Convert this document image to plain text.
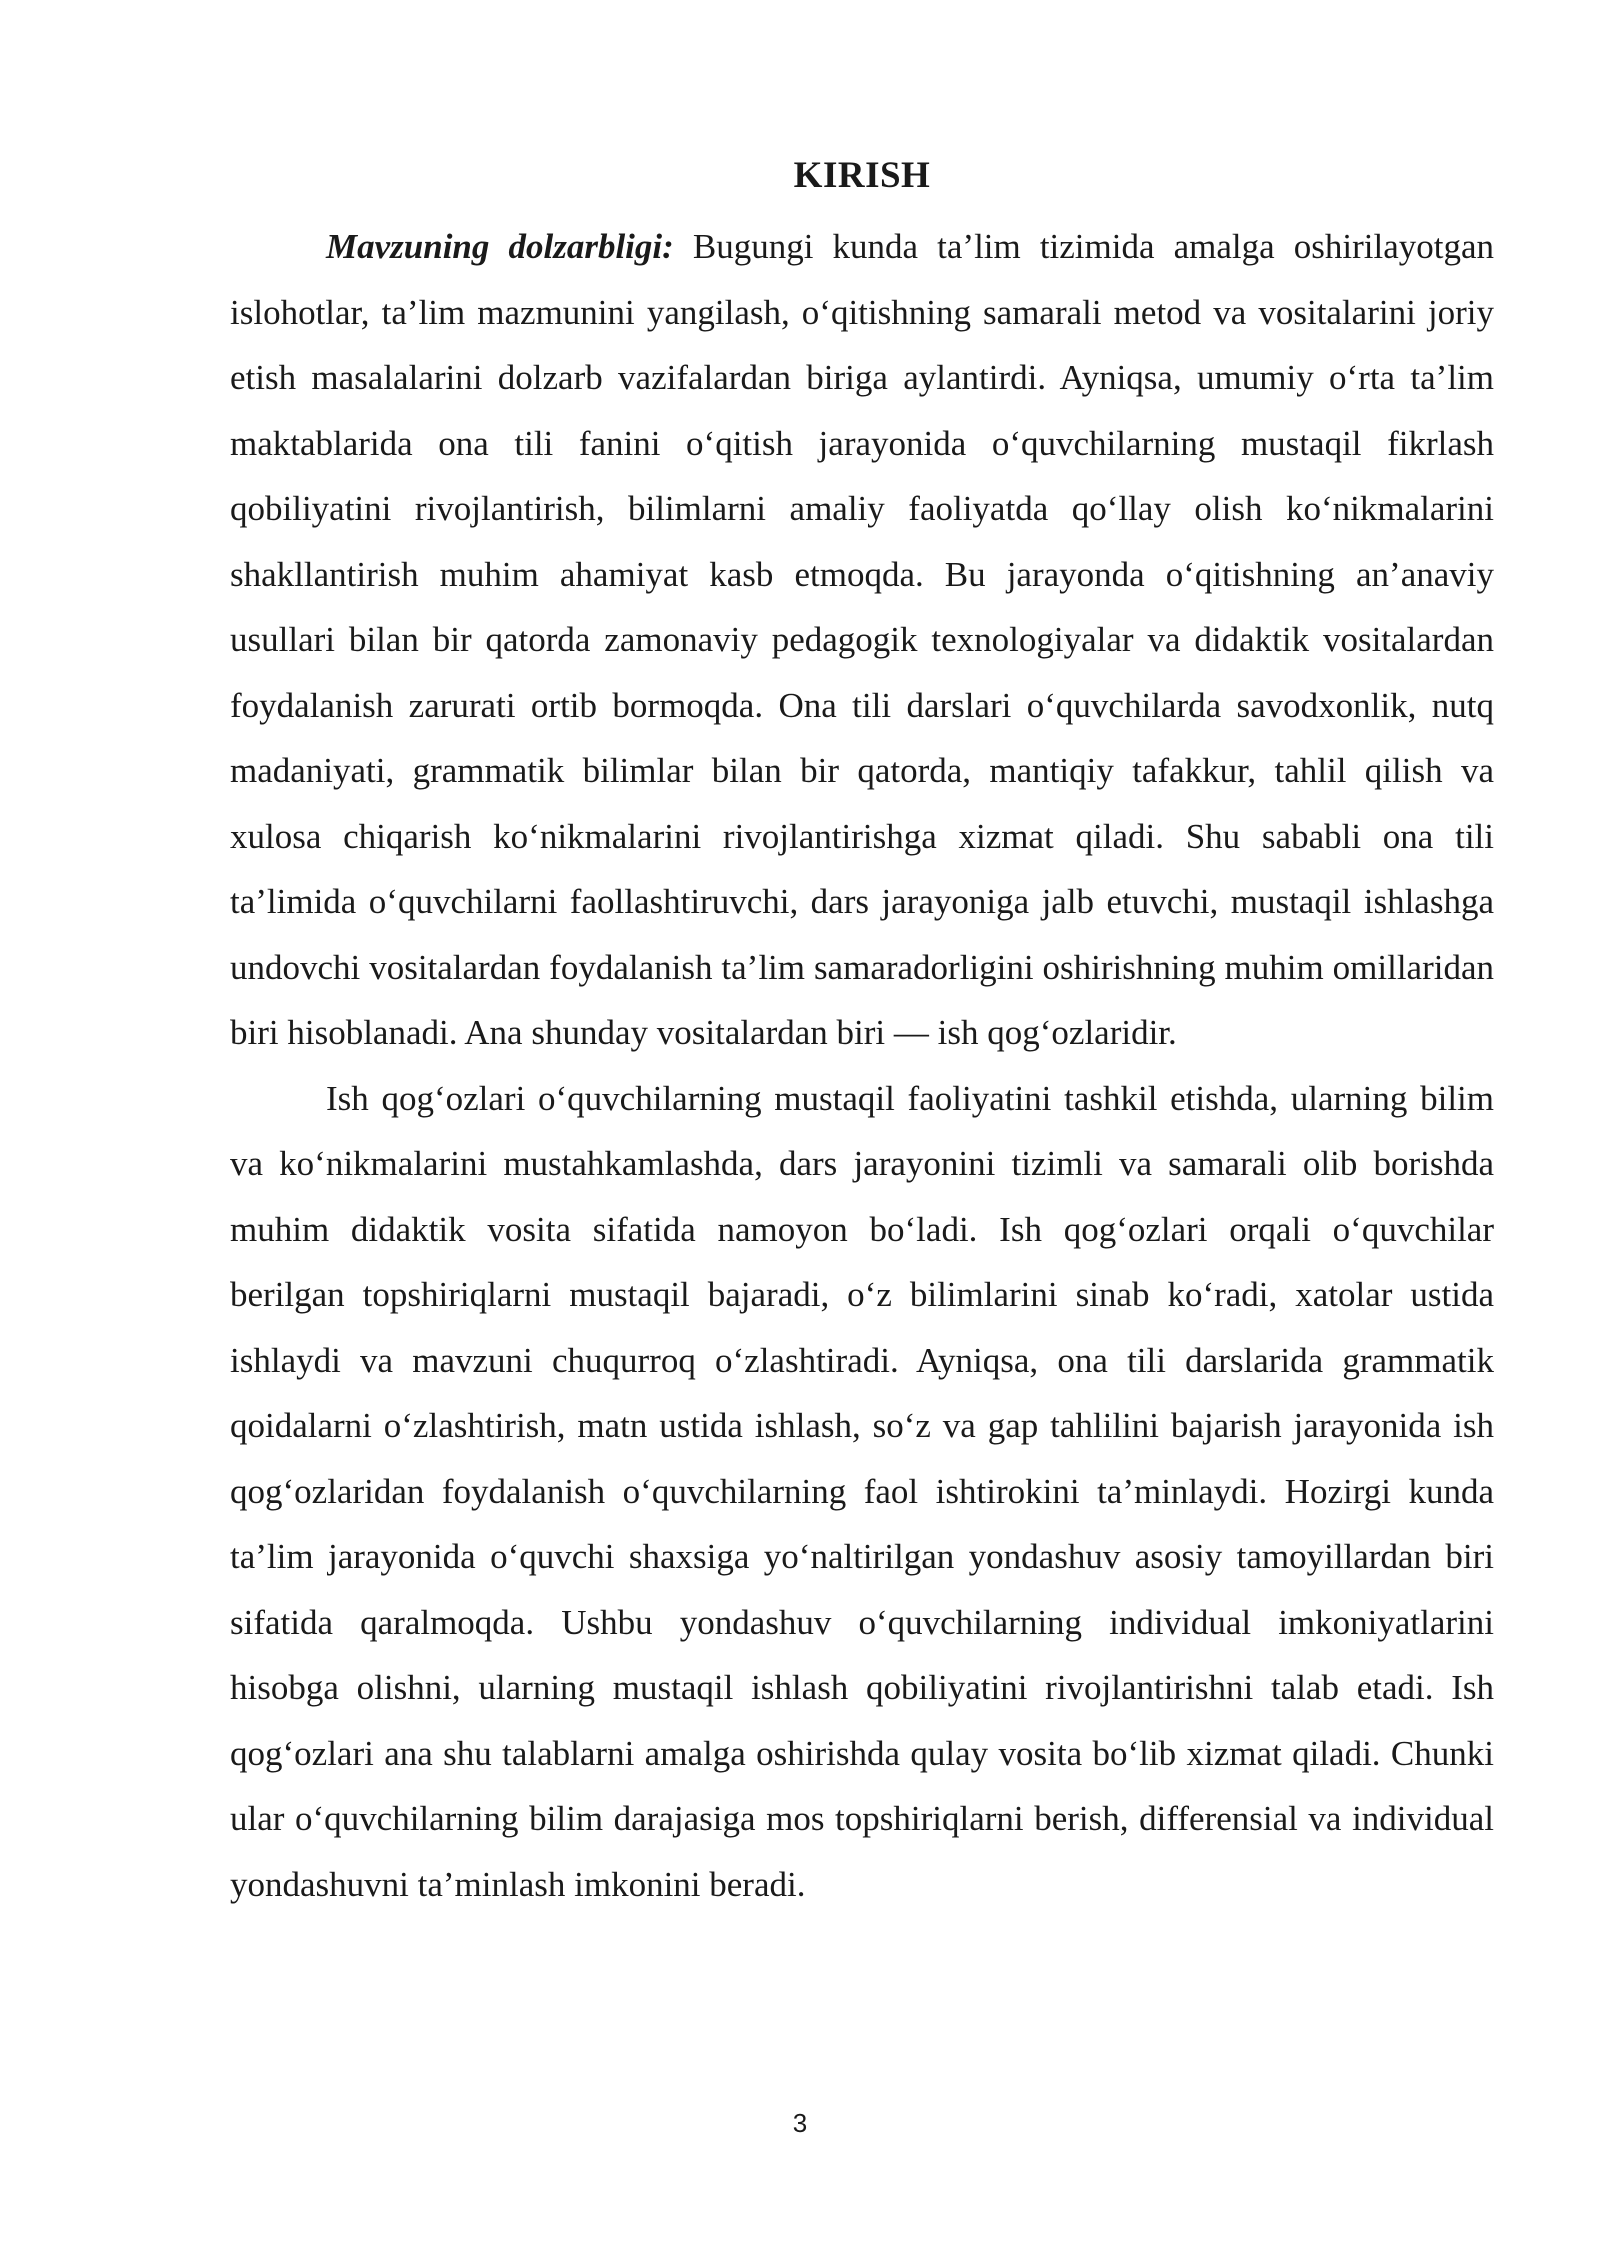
KIRISH

Mavzuning dolzarbligi: Bugungi kunda ta’lim tizimida amalga oshirilayotgan islohotlar, ta’lim mazmunini yangilash, o‘qitishning samarali metod va vositalarini joriy etish masalalarini dolzarb vazifalardan biriga aylantirdi. Ayniqsa, umumiy o‘rta ta’lim maktablarida ona tili fanini o‘qitish jarayonida o‘quvchilarning mustaqil fikrlash qobiliyatini rivojlantirish, bilimlarni amaliy faoliyatda qo‘llay olish ko‘nikmalarini shakllantirish muhim ahamiyat kasb etmoqda. Bu jarayonda o‘qitishning an’anaviy usullari bilan bir qatorda zamonaviy pedagogik texnologiyalar va didaktik vositalardan foydalanish zarurati ortib bormoqda. Ona tili darslari o‘quvchilarda savodxonlik, nutq madaniyati, grammatik bilimlar bilan bir qatorda, mantiqiy tafakkur, tahlil qilish va xulosa chiqarish ko‘nikmalarini rivojlantirishga xizmat qiladi. Shu sababli ona tili ta’limida o‘quvchilarni faollashtiruvchi, dars jarayoniga jalb etuvchi, mustaqil ishlashga undovchi vositalardan foydalanish ta’lim samaradorligini oshirishning muhim omillaridan biri hisoblanadi. Ana shunday vositalardan biri — ish qog‘ozlaridir.

Ish qog‘ozlari o‘quvchilarning mustaqil faoliyatini tashkil etishda, ularning bilim va ko‘nikmalarini mustahkamlashda, dars jarayonini tizimli va samarali olib borishda muhim didaktik vosita sifatida namoyon bo‘ladi. Ish qog‘ozlari orqali o‘quvchilar berilgan topshiriqlarni mustaqil bajaradi, o‘z bilimlarini sinab ko‘radi, xatolar ustida ishlaydi va mavzuni chuqurroq o‘zlashtiradi. Ayniqsa, ona tili darslarida grammatik qoidalarni o‘zlashtirish, matn ustida ishlash, so‘z va gap tahlilini bajarish jarayonida ish qog‘ozlaridan foydalanish o‘quvchilarning faol ishtirokini ta’minlaydi. Hozirgi kunda ta’lim jarayonida o‘quvchi shaxsiga yo‘naltirilgan yondashuv asosiy tamoyillardan biri sifatida qaralmoqda. Ushbu yondashuv o‘quvchilarning individual imkoniyatlarini hisobga olishni, ularning mustaqil ishlash qobiliyatini rivojlantirishni talab etadi. Ish qog‘ozlari ana shu talablarni amalga oshirishda qulay vosita bo‘lib xizmat qiladi. Chunki ular o‘quvchilarning bilim darajasiga mos topshiriqlarni berish, differensial va individual yondashuvni ta’minlash imkonini beradi.

3
